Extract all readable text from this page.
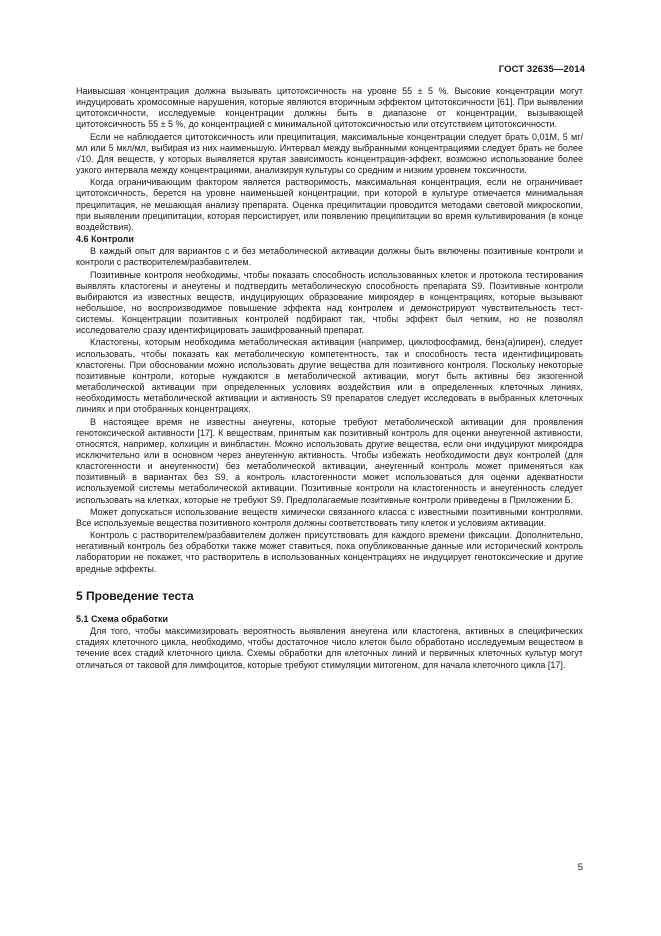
ГОСТ 32635—2014

Наивысшая концентрация должна вызывать цитотоксичность на уровне 55 ± 5 %. Высокие концентрации могут индуцировать хромосомные нарушения, которые являются вторичным эффектом цитотоксичности [61]. При выявлении цитотоксичности, исследуемые концентрации должны быть в диапазоне от концентрации, вызывающей цитотоксичность 55 ± 5 %, до концентрацией с минимальной цитотоксичностью или отсутствием цитотоксичности.

Если не наблюдается цитотоксичность или преципитация, максимальные концентрации следует брать 0,01М, 5 мг/мл или 5 мкл/мл, выбирая из них наименьшую. Интервал между выбранными концентрациями следует брать не более √10. Для веществ, у которых выявляется крутая зависимость концентрация-эффект, возможно использование более узкого интервала между концентрациями, анализируя культуры со средним и низким уровнем токсичности.

Когда ограничивающим фактором является растворимость, максимальная концентрация, если не ограничивает цитотоксичность, берется на уровне наименьшей концентрации, при которой в культуре отмечается минимальная преципитация, не мешающая анализу препарата. Оценка преципитации проводится методами световой микроскопии, при выявлении преципитации, которая персистирует, или появлению преципитации во время культивирования (в конце воздействия).

4.6 Контроли

В каждый опыт для вариантов с и без метаболической активации должны быть включены позитивные контроли и контроли с растворителем/разбавителем.

Позитивные контроля необходимы, чтобы показать способность использованных клеток и протокола тестирования выявлять кластогены и анеугены и подтвердить метаболическую способность препарата S9. Позитивные контроли выбираются из известных веществ, индуцирующих образование микроядер в концентрациях, которые вызывают небольшое, но воспроизводимое повышение эффекта над контролем и демонстрируют чувствительность тест-системы. Концентрации позитивных контролей подбирают так, чтобы эффект был четким, но не позволял исследователю сразу идентифицировать зашифрованный препарат.

Кластогены, которым необходима метаболическая активация (например, циклофосфамид, бенз(а)пирен), следует использовать, чтобы показать как метаболическую компетентность, так и способность теста идентифицировать кластогены. При обосновании можно использовать другие вещества для позитивного контроля. Поскольку некоторые позитивные контроли, которые нуждаются в метаболической активации, могут быть активны без экзогенной метаболической активации при определенных условиях воздействия или в определенных клеточных линиях, необходимость метаболической активации и активность S9 препаратов следует исследовать в выбранных клеточных линиях и при отобранных концентрациях.

В настоящее время не известны анеугены, которые требуют метаболической активации для проявления генотоксической активности [17]. К веществам, принятым как позитивный контроль для оценки анеугенной активности, относятся, например, колхицин и винбластин. Можно использовать другие вещества, если они индуцируют микроядра исключительно или в основном через анеугенную активность. Чтобы избежать необходимости двух контролей (для кластогенности и анеугенности) без метаболической активации, анеугенный контроль может применяться как позитивный в вариантах без S9, а контроль кластогенности может использоваться для оценки адекватности используемой системы метаболической активации. Позитивные контроли на кластогенность и анеугенность следует использовать на клетках, которые не требуют S9. Предполагаемые позитивные контроли приведены в Приложении Б.

Может допускаться использование веществ химически связанного класса с известными позитивными контролями. Все используемые вещества позитивного контроля должны соответствовать типу клеток и условиям активации.

Контроль с растворителем/разбавителем должен присутствовать для каждого времени фиксации. Дополнительно, негативный контроль без обработки также может ставиться, пока опубликованные данные или исторический контроль лаборатории не покажет, что растворитель в использованных концентрациях не индуцирует генотоксические и другие вредные эффекты.

5 Проведение теста
5.1 Схема обработки

Для того, чтобы максимизировать вероятность выявления анеугена или кластогена, активных в специфических стадиях клеточного цикла, необходимо, чтобы достаточное число клеток было обработано исследуемым веществом в течение всех стадий клеточного цикла. Схемы обработки для клеточных линий и первичных клеточных культур могут отличаться от таковой для лимфоцитов, которые требуют стимуляции митогеном, для начала клеточного цикла [17].

5
